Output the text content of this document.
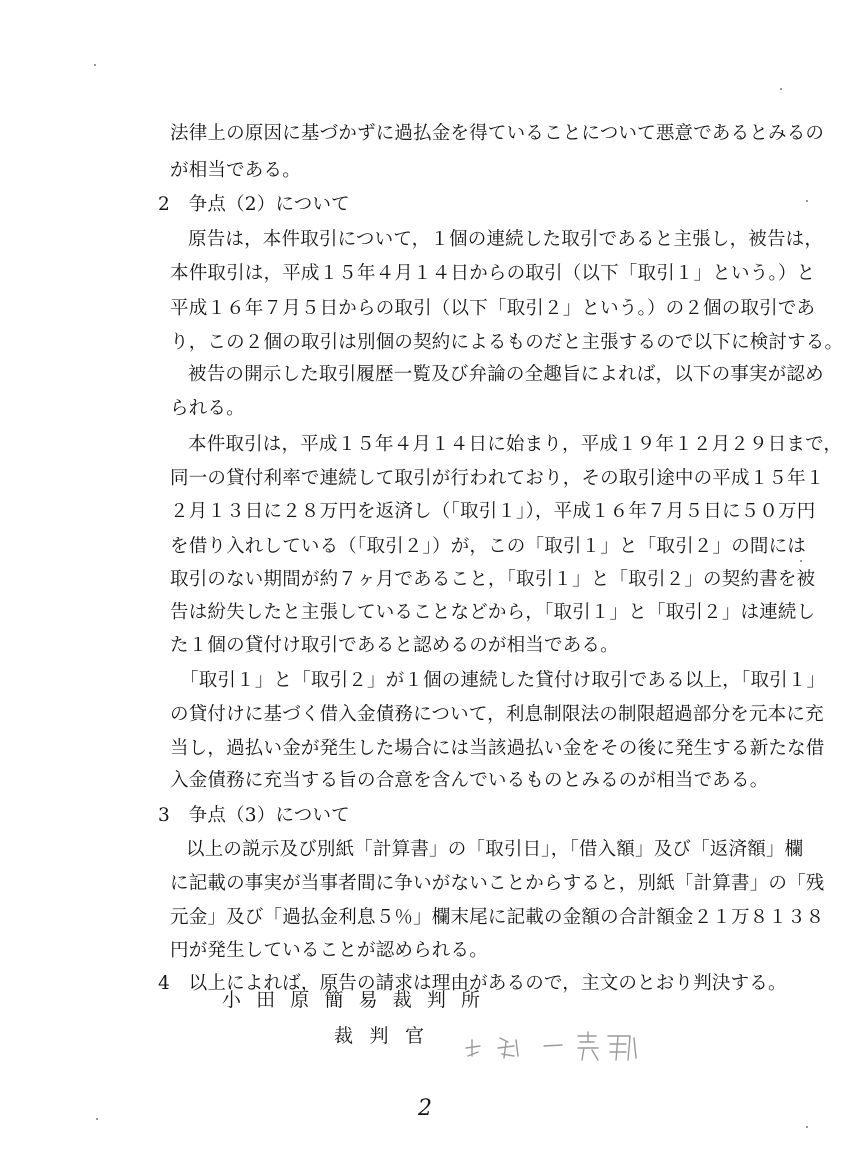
法律上の原因に基づかずに過払金を得ていることについて悪意であるとみるの
が相当である。
2　争点（2）について
原告は，本件取引について，１個の連続した取引であると主張し，被告は，
本件取引は，平成１５年４月１４日からの取引（以下「取引１」という。）と
平成１６年７月５日からの取引（以下「取引２」という。）の２個の取引であ
り，この２個の取引は別個の契約によるものだと主張するので以下に検討する。
被告の開示した取引履歴一覧及び弁論の全趣旨によれば，以下の事実が認め
られる。
本件取引は，平成１５年４月１４日に始まり，平成１９年１２月２９日まで，
同一の貸付利率で連続して取引が行われており，その取引途中の平成１５年１
２月１３日に２８万円を返済し（「取引１」），平成１６年７月５日に５０万円
を借り入れしている（「取引２」）が，この「取引１」と「取引２」の間には
取引のない期間が約７ヶ月であること，「取引１」と「取引２」の契約書を被
告は紛失したと主張していることなどから，「取引１」と「取引２」は連続し
た１個の貸付け取引であると認めるのが相当である。
「取引１」と「取引２」が１個の連続した貸付け取引である以上，「取引１」
の貸付けに基づく借入金債務について，利息制限法の制限超過部分を元本に充
当し，過払い金が発生した場合には当該過払い金をその後に発生する新たな借
入金債務に充当する旨の合意を含んでいるものとみるのが相当である。
3　争点（3）について
以上の説示及び別紙「計算書」の「取引日」，「借入額」及び「返済額」欄
に記載の事実が当事者間に争いがないことからすると，別紙「計算書」の「残
元金」及び「過払金利息５％」欄末尾に記載の金額の合計額金２１万８１３８
円が発生していることが認められる。
4　以上によれば，原告の請求は理由があるので，主文のとおり判決する。
小 田 原 簡 易 裁 判 所
裁 判 官
2
